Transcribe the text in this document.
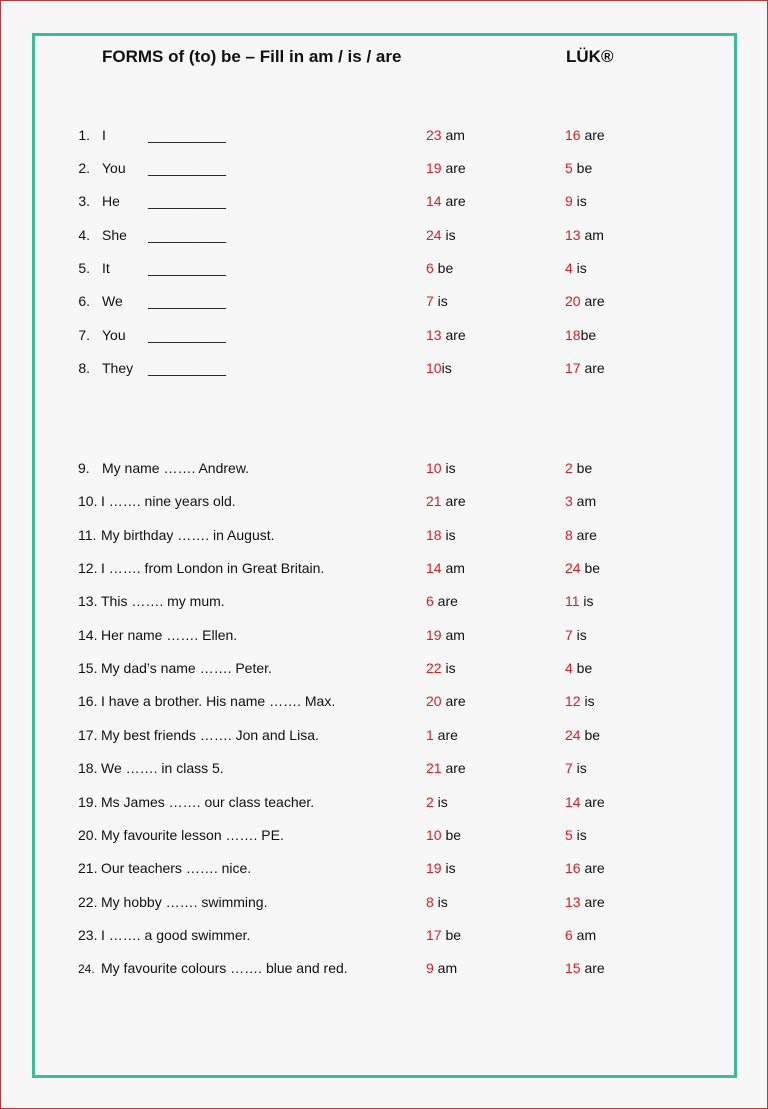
FORMS of (to) be – Fill in am / is / are	LÜK®
1. I	__________	23 am	16 are
2. You __________	19 are	5 be
3. He __________	14 are	9 is
4. She __________	24 is	13 am
5. It	__________	6 be	4 is
6. We __________	7 is	20 are
7. You __________	13 are	18be
8. They __________	10is	17 are
9. My name ……. Andrew.	10 is	2 be
10. I ……. nine years old.	21 are	3 am
11. My birthday ……. in August.	18 is	8 are
12. I ……. from London in Great Britain.	14 am	24 be
13. This ……. my mum.	6 are	11 is
14. Her name ……. Ellen.	19 am	7 is
15. My dad’s name ……. Peter.	22 is	4 be
16. I have a brother. His name ……. Max.	20 are	12 is
17. My best friends ……. Jon and Lisa.	1 are	24 be
18. We ……. in class 5.	21 are	7 is
19. Ms James ……. our class teacher.	2 is	14 are
20. My favourite lesson ……. PE.	10 be	5 is
21. Our teachers ……. nice.	19 is	16 are
22. My hobby ……. swimming.	8 is	13 are
23. I ……. a good swimmer.	17 be	6 am
24. My favourite colours ……. blue and red.	9 am	15 are
